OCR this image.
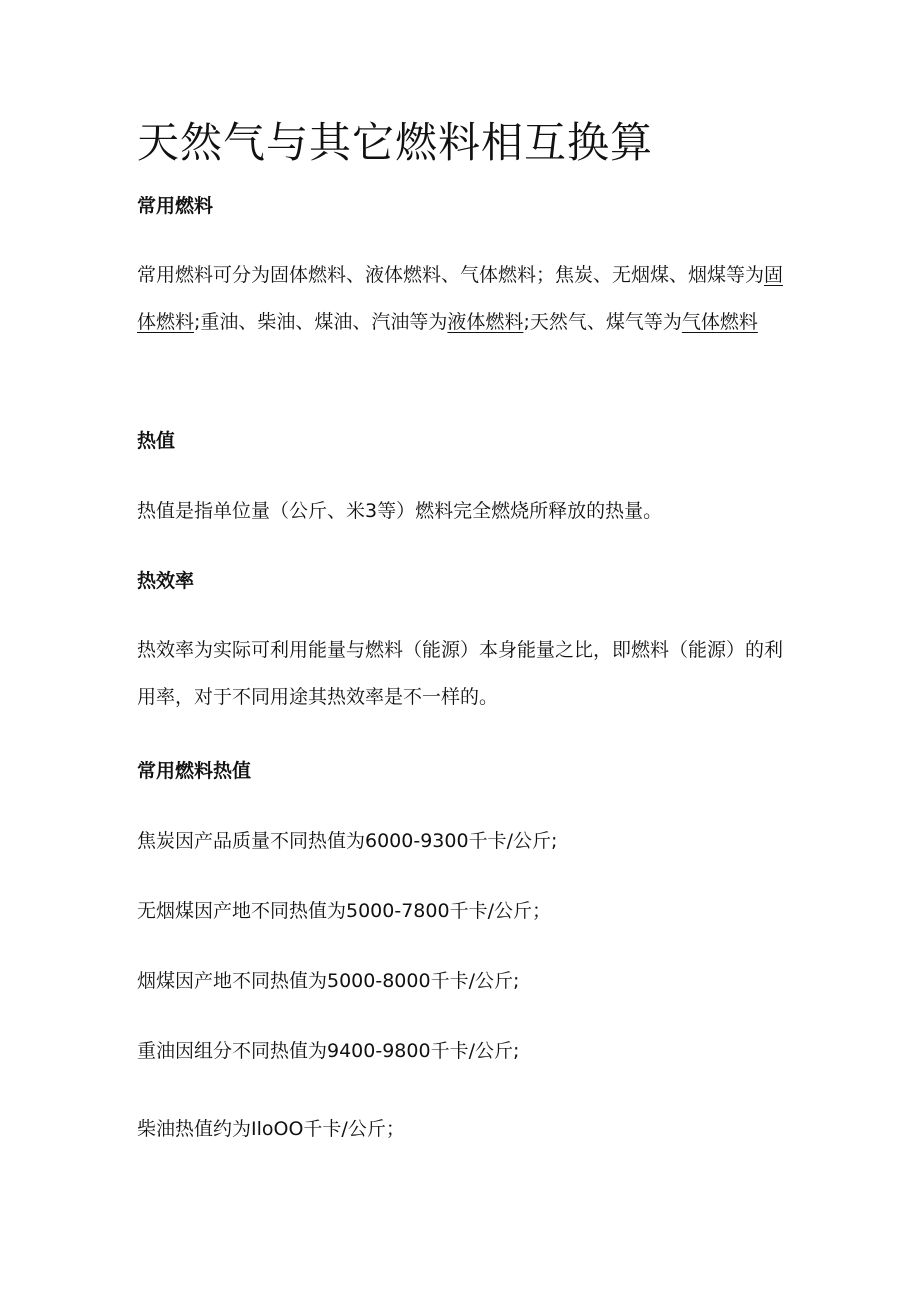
天然气与其它燃料相互换算
常用燃料

常用燃料可分为固体燃料、液体燃料、气体燃料；焦炭、无烟煤、烟煤等为固体燃料;重油、柴油、煤油、汽油等为液体燃料;天然气、煤气等为气体燃料

热值

热值是指单位量（公斤、米3等）燃料完全燃烧所释放的热量。

热效率

热效率为实际可利用能量与燃料（能源）本身能量之比，即燃料（能源）的利用率，对于不同用途其热效率是不一样的。

常用燃料热值

焦炭因产品质量不同热值为6000-9300千卡/公斤;

无烟煤因产地不同热值为5000-7800千卡/公斤；

烟煤因产地不同热值为5000-8000千卡/公斤;

重油因组分不同热值为9400-9800千卡/公斤;

柴油热值约为IloOO千卡/公斤；
